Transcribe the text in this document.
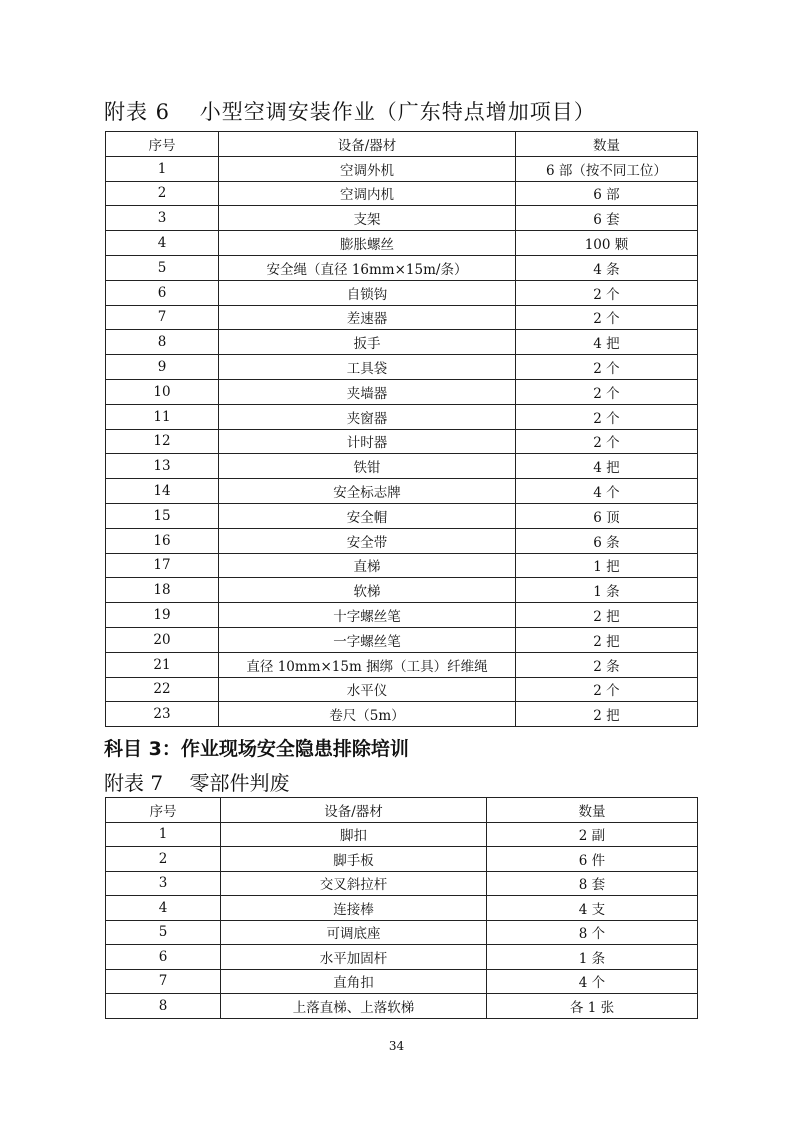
附表 6　 小型空调安装作业（广东特点增加项目）
序号	设备/器材	数量
1	空调外机	6 部（按不同工位）
2	空调内机	6 部
3	支架	6 套
4	膨胀螺丝	100 颗
5	安全绳（直径 16mm×15m/条）	4 条
6	自锁钩	2 个
7	差速器	2 个
8	扳手	4 把
9	工具袋	2 个
10	夹墙器	2 个
11	夹窗器	2 个
12	计时器	2 个
13	铁钳	4 把
14	安全标志牌	4 个
15	安全帽	6 顶
16	安全带	6 条
17	直梯	1 把
18	软梯	1 条
19	十字螺丝笔	2 把
20	一字螺丝笔	2 把
21	直径 10mm×15m 捆绑（工具）纤维绳	2 条
22	水平仪	2 个
23	卷尺（5m）	2 把
科目 3：作业现场安全隐患排除培训
附表 7　 零部件判废
序号	设备/器材	数量
1	脚扣	2 副
2	脚手板	6 件
3	交叉斜拉杆	8 套
4	连接棒	4 支
5	可调底座	8 个
6	水平加固杆	1 条
7	直角扣	4 个
8	上落直梯、上落软梯	各 1 张
34
